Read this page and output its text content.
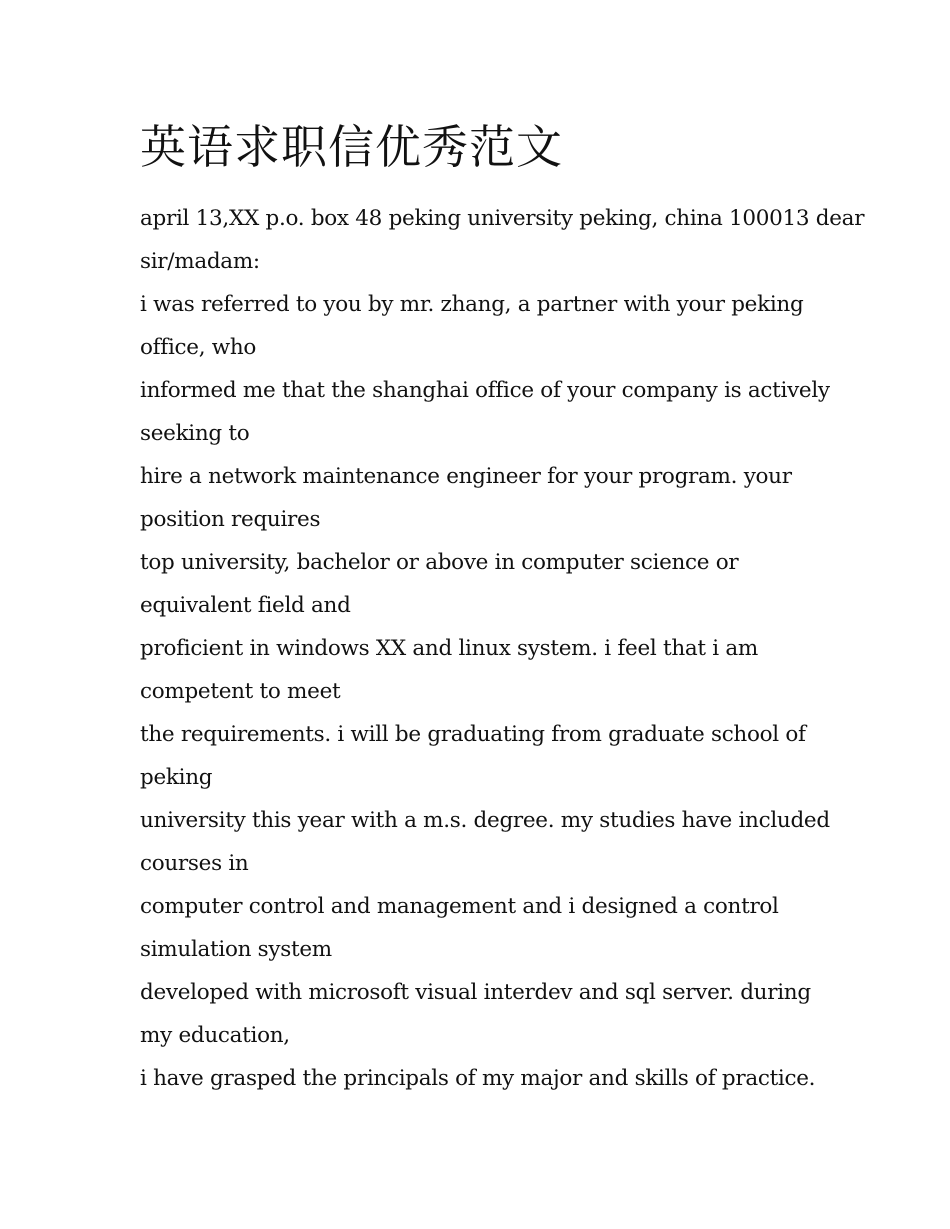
英语求职信优秀范文
april 13,XX p.o. box 48 peking university peking, china 100013 dear
sir/madam:
i was referred to you by mr. zhang, a partner with your peking
office, who
informed me that the shanghai office of your company is actively
seeking to
hire a network maintenance engineer for your program. your
position requires
top university, bachelor or above in computer science or
equivalent field and
proficient in windows XX and linux system. i feel that i am
competent to meet
the requirements. i will be graduating from graduate school of
peking
university this year with a m.s. degree. my studies have included
courses in
computer control and management and i designed a control
simulation system
developed with microsoft visual interdev and sql server. during
my education,
i have grasped the principals of my major and skills of practice.
